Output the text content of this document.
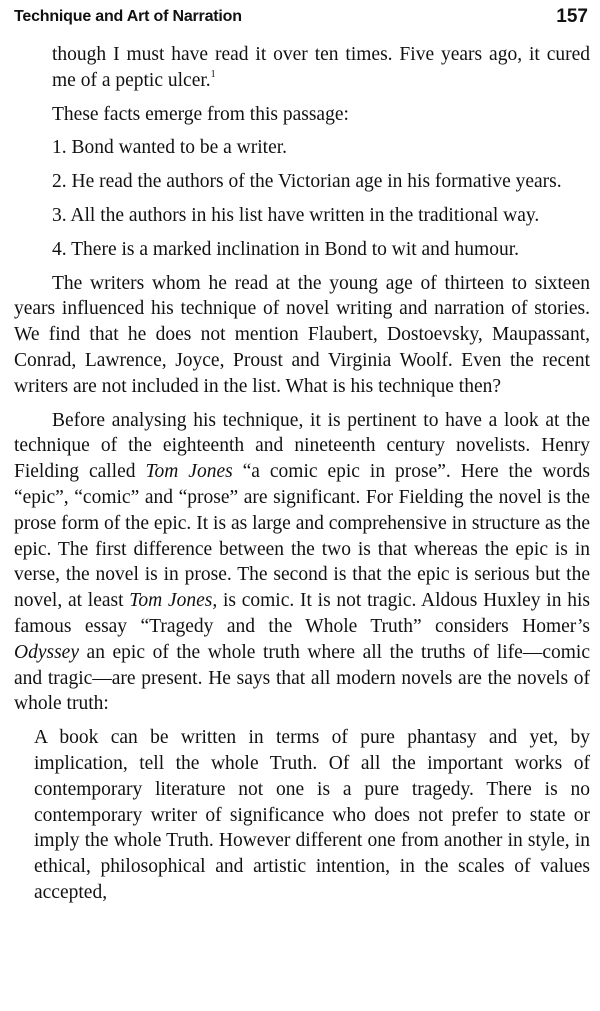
Technique and Art of Narration	157

though I must have read it over ten times. Five years ago, it cured me of a peptic ulcer.$^1$

These facts emerge from this passage:

1. Bond wanted to be a writer.

2. He read the authors of the Victorian age in his formative years.

3. All the authors in his list have written in the traditional way.

4. There is a marked inclination in Bond to wit and humour.

The writers whom he read at the young age of thirteen to sixteen years influenced his technique of novel writing and narration of stories. We find that he does not mention Flaubert, Dostoevsky, Maupassant, Conrad, Lawrence, Joyce, Proust and Virginia Woolf. Even the recent writers are not included in the list. What is his technique then?

Before analysing his technique, it is pertinent to have a look at the technique of the eighteenth and nineteenth century novelists. Henry Fielding called Tom Jones “a comic epic in prose”. Here the words “epic”, “comic” and “prose” are significant. For Fielding the novel is the prose form of the epic. It is as large and comprehensive in structure as the epic. The first difference between the two is that whereas the epic is in verse, the novel is in prose. The second is that the epic is serious but the novel, at least Tom Jones, is comic. It is not tragic. Aldous Huxley in his famous essay “Tragedy and the Whole Truth” considers Homer’s Odyssey an epic of the whole truth where all the truths of life—comic and tragic—are present. He says that all modern novels are the novels of whole truth:

A book can be written in terms of pure phantasy and yet, by implication, tell the whole Truth. Of all the important works of contemporary literature not one is a pure tragedy. There is no contemporary writer of significance who does not prefer to state or imply the whole Truth. However different one from another in style, in ethical, philosophical and artistic intention, in the scales of values accepted,
